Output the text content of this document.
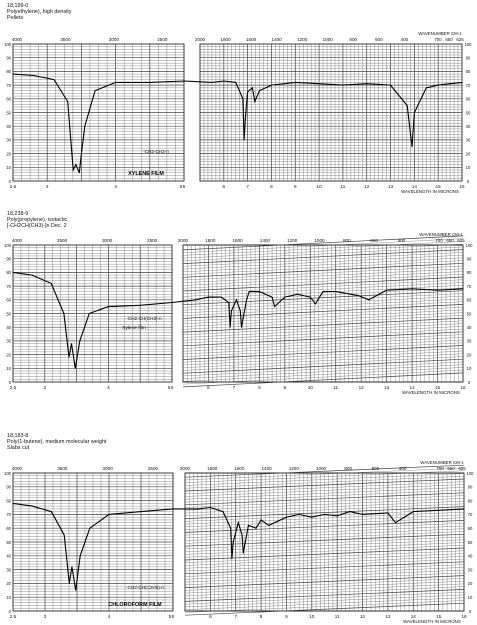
18,199-0
Polyethylene), high density
Pellets
18,238-9
Poly(propylene), isotactic
[-CH2CH(CH3)-]n Dec. 2
18,183-8
Poly(1-butene), medium molecular weight
Slabs cut
100
90
80
70
60
50
40
30
20
10
0
100
90
80
70
60
50
40
30
20
10
0
4000	3500	3000	2500	2000	1800	1600	1400	1200	1000	800	600	400
WAVENUMBER CM-1
700 650 625
2.5	3	4	5 5	6	7	8	9	10	11	12	13	14	15	16
WAVELENGTH IN MICRONS
XYLENE FILM
-CH2-CH2-n
100
90
80
70
60
50
40
30
20
10
0
100
90
80
70
60
50
40
30
20
10
0
4000	3500	3000	2500	2000	1800	1600	1400	1200	1000	800	600	400
WAVENUMBER CM-1
700 650 625
2.5	3	4	5 5	6	7	8	9	10	11	12	13	14	15	16
WAVELENGTH IN MICRONS
Xylene film
-CH2-CH(CH3)-n
100
90
80
70
60
50
40
30
20
10
0
100
90
80
70
60
50
40
30
20
10
0
4000	3500	3000	2500	2000	1800	1600	1400	1200	1000	800	600	400
WAVENUMBER CM-1
700 650 625
2.5	3	4	5 5	6	7	8	9	10	11	12	13	14	15	16
WAVELENGTH IN MICRONS
CHLOROFORM FILM
-CH2-CH(C2H5)-n
